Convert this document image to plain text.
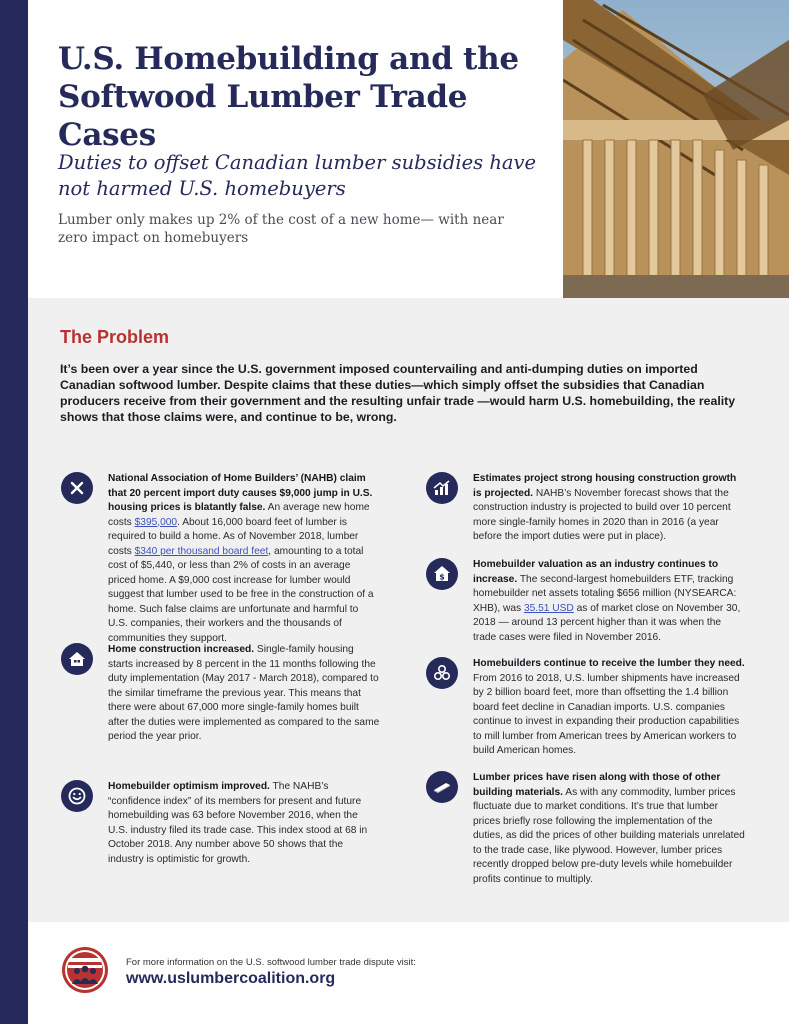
U.S. Homebuilding and the Softwood Lumber Trade Cases
Duties to offset Canadian lumber subsidies have not harmed U.S. homebuyers
Lumber only makes up 2% of the cost of a new home— with near zero impact on homebuyers
The Problem
It’s been over a year since the U.S. government imposed countervailing and anti-dumping duties on imported Canadian softwood lumber. Despite claims that these duties—which simply offset the subsidies that Canadian producers receive from their government and the resulting unfair trade —would harm U.S. homebuilding, the reality shows that those claims were, and continue to be, wrong.
National Association of Home Builders’ (NAHB) claim that 20 percent import duty causes $9,000 jump in U.S. housing prices is blatantly false. An average new home costs $395,000. About 16,000 board feet of lumber is required to build a home. As of November 2018, lumber costs $340 per thousand board feet, amounting to a total cost of $5,440, or less than 2% of costs in an average priced home. A $9,000 cost increase for lumber would suggest that lumber used to be free in the construction of a home. Such false claims are unfortunate and harmful to U.S. companies, their workers and the thousands of communities they support.
Home construction increased. Single-family housing starts increased by 8 percent in the 11 months following the duty implementation (May 2017 - March 2018), compared to the similar timeframe the previous year. This means that there were about 67,000 more single-family homes built after the duties were implemented as compared to the same period the year prior.
Homebuilder optimism improved. The NAHB’s “confidence index” of its members for present and future homebuilding was 63 before November 2016, when the U.S. industry filed its trade case. This index stood at 68 in October 2018. Any number above 50 shows that the industry is optimistic for growth.
Estimates project strong housing construction growth is projected. NAHB’s November forecast shows that the construction industry is projected to build over 10 percent more single-family homes in 2020 than in 2016 (a year before the import duties were put in place).
$
Homebuilder valuation as an industry continues to increase. The second-largest homebuilders ETF, tracking homebuilder net assets totaling $656 million (NYSEARCA: XHB), was 35.51 USD as of market close on November 30, 2018 — around 13 percent higher than it was when the trade cases were filed in November 2016.
Homebuilders continue to receive the lumber they need. From 2016 to 2018, U.S. lumber shipments have increased by 2 billion board feet, more than offsetting the 1.4 billion board feet decline in Canadian imports. U.S. companies continue to invest in expanding their production capabilities to mill lumber from American trees by American workers to build American homes.
Lumber prices have risen along with those of other building materials. As with any commodity, lumber prices fluctuate due to market conditions. It’s true that lumber prices briefly rose following the implementation of the duties, as did the prices of other building materials unrelated to the trade case, like plywood. However, lumber prices recently dropped below pre-duty levels while homebuilder profits continue to multiply.
For more information on the U.S. softwood lumber trade dispute visit:
www.uslumbercoalition.org
